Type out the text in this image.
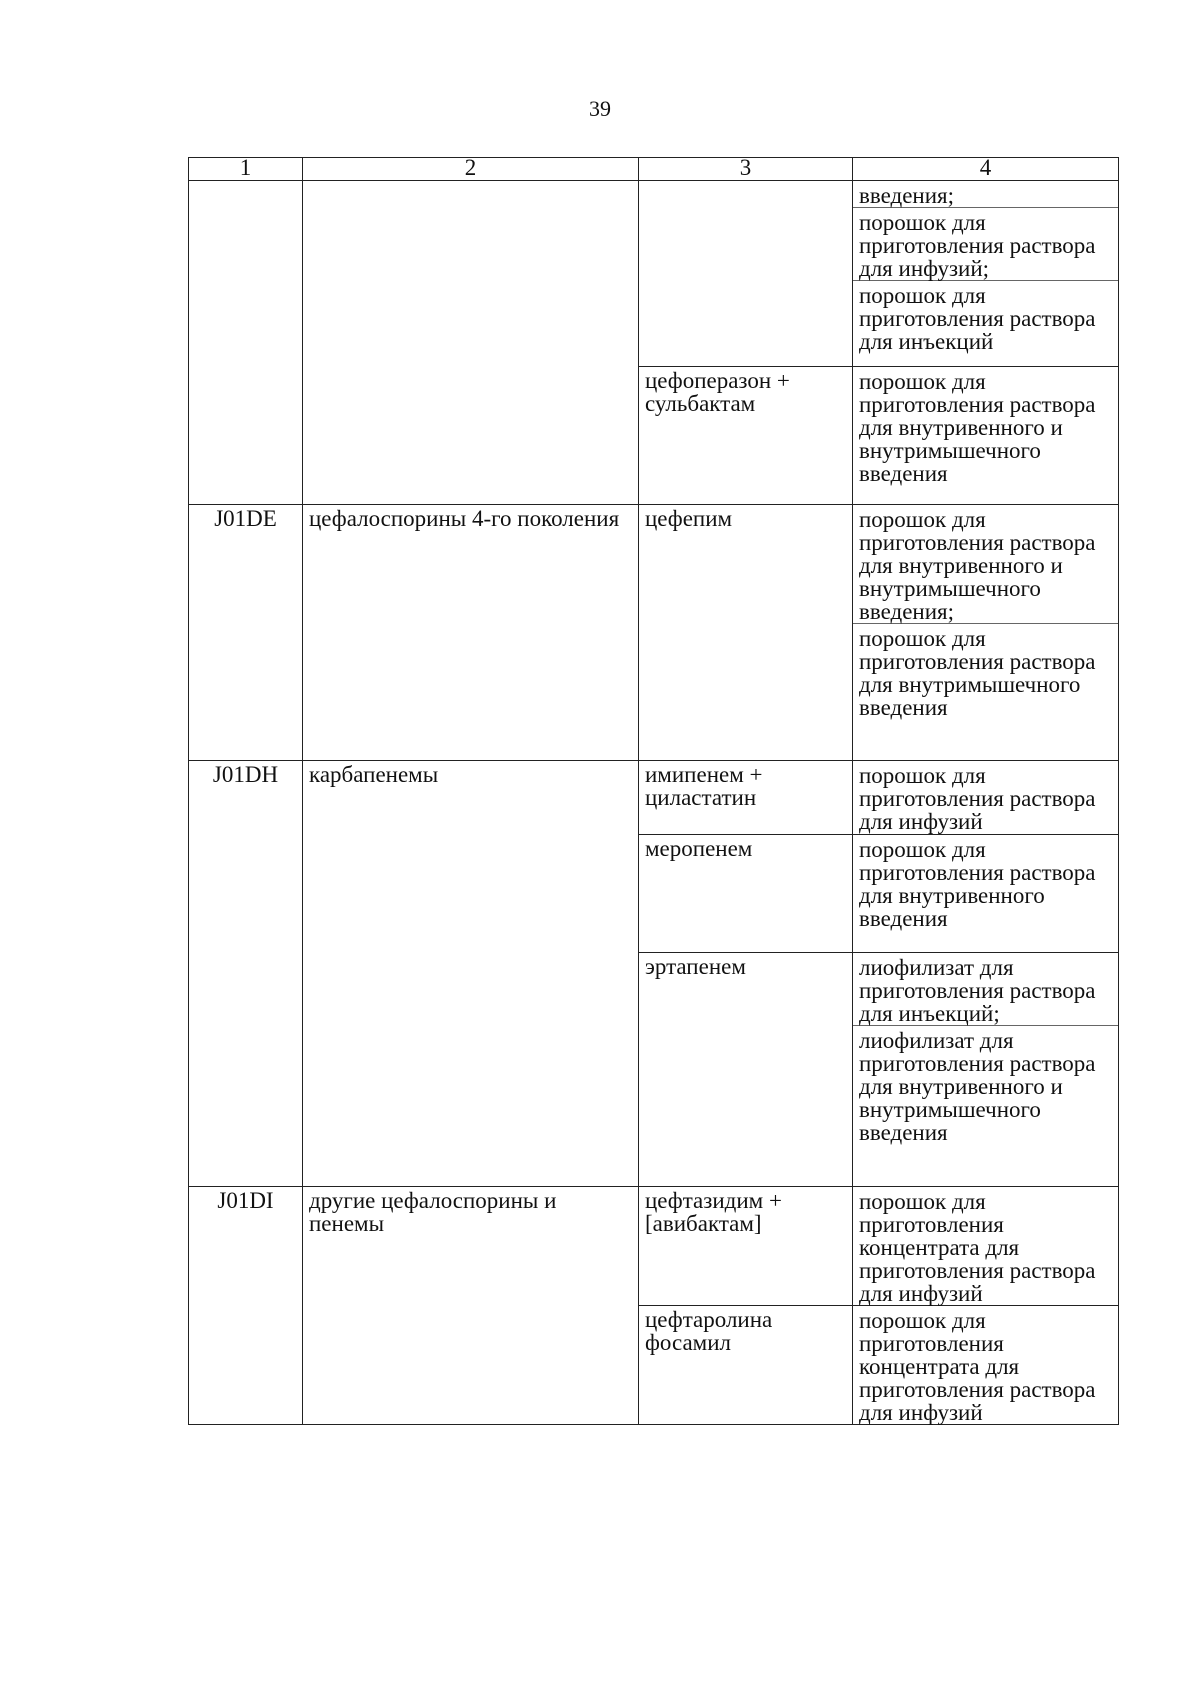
39
1	2	3	4

			введения;
порошок для приготовления раствора для инфузий;
порошок для приготовления раствора для инъекций

		цефоперазон + сульбактам	порошок для приготовления раствора для внутривенного и внутримышечного введения

J01DE	цефалоспорины 4-го поколения	цефепим	порошок для приготовления раствора для внутривенного и внутримышечного введения;
порошок для приготовления раствора для внутримышечного введения

J01DH	карбапенемы	имипенем + циластатин	порошок для приготовления раствора для инфузий

		меропенем	порошок для приготовления раствора для внутривенного введения

		эртапенем	лиофилизат для приготовления раствора для инъекций;
лиофилизат для приготовления раствора для внутривенного и внутримышечного введения

J01DI	другие цефалоспорины и пенемы	цефтазидим + [авибактам]	порошок для приготовления концентрата для приготовления раствора для инфузий

		цефтаролина фосамил	порошок для приготовления концентрата для приготовления раствора для инфузий
